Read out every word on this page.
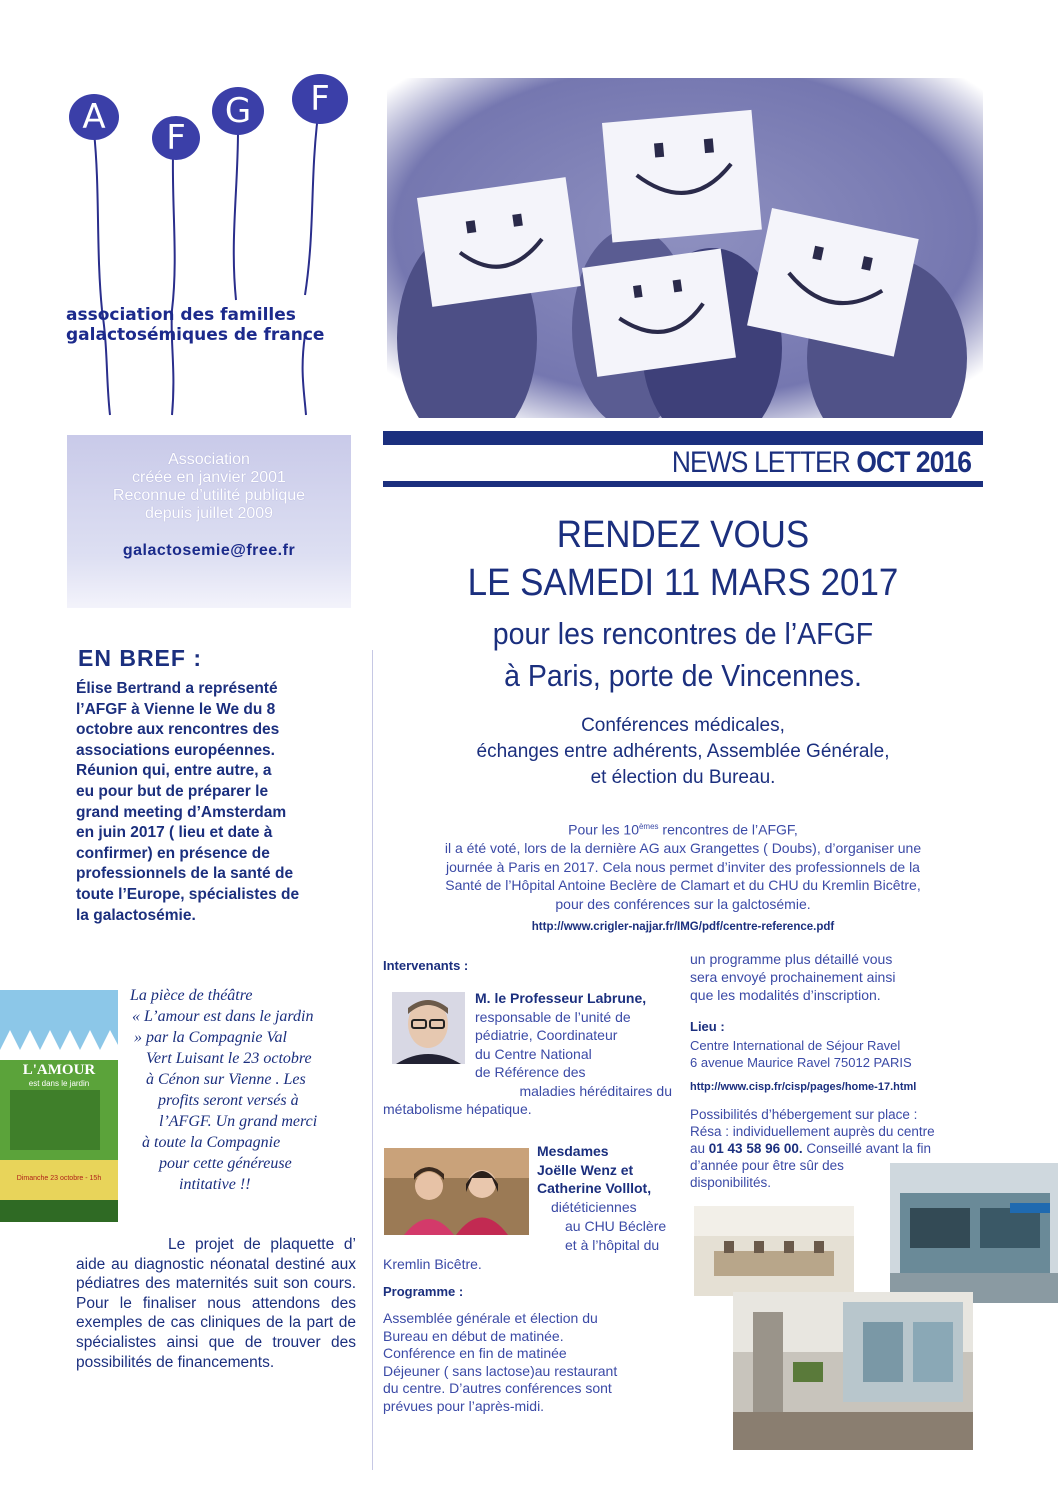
A
F
G	F
association des familles
galactosémiques de france
Association
créée en janvier 2001
Reconnue d’utilité publique
depuis juillet 2009
galactosemie@free.fr
NEWS LETTER OCT 2016
RENDEZ VOUS
LE SAMEDI 11 MARS 2017
pour les rencontres de l’AFGF
à Paris, porte de Vincennes.
Conférences médicales,
échanges entre adhérents, Assemblée Générale,
et élection du Bureau.
Pour les 10èmes rencontres de l’AFGF,
il a été voté, lors de la dernière AG aux Grangettes ( Doubs), d’organiser une
journée à Paris en 2017. Cela nous permet d’inviter des professionnels de la
Santé de l’Hôpital Antoine Beclère de Clamart et du CHU du Kremlin Bicêtre,
pour des conférences sur la galctosémie.
http://www.crigler-najjar.fr/IMG/pdf/centre-reference.pdf
EN BREF :
Élise Bertrand a représenté
l’AFGF à Vienne le We du 8
octobre aux rencontres des
associations européennes.
Réunion qui, entre autre, a
eu pour but de préparer le
grand meeting d’Amsterdam
en juin 2017 ( lieu et date à
confirmer) en présence de
professionnels de la santé de
toute l’Europe, spécialistes de
la galactosémie.
L'AMOUR
est dans le jardin
Dimanche 23 octobre - 15h
La pièce de théâtre
« L’amour est dans le jardin
» par la Compagnie Val
Vert Luisant le 23 octobre
à Cénon sur Vienne . Les
profits seront versés à
l’AFGF. Un grand merci
à toute la Compagnie
pour cette généreuse
intitative !!
Le projet de plaquette d’ aide au diagnostic néonatal destiné aux pédiatres des maternités suit son cours. Pour le finaliser nous attendons des exemples de cas cliniques de la part de spécialistes ainsi que de trouver des possibilités de financements.
Intervenants :
M. le Professeur Labrune,
responsable de l’unité de
pédiatrie, Coordinateur
du Centre National
de Référence des
maladies héréditaires du
métabolisme hépatique.
Mesdames
Joëlle Wenz et
Catherine Volllot,
diététiciennes
au CHU Béclère
et à l’hôpital du
Kremlin Bicêtre.
Programme :
Assemblée générale et élection du
Bureau en début de matinée.
Conférence en fin de matinée
Déjeuner ( sans lactose)au restaurant
du centre. D’autres conférences sont
prévues pour l’après-midi.
un programme plus détaillé vous
sera envoyé prochainement ainsi
que les modalités d’inscription.
Lieu :
Centre International de Séjour Ravel
6 avenue Maurice Ravel 75012 PARIS
http://www.cisp.fr/cisp/pages/home-17.html
Possibilités d’hébergement sur place :
Résa : individuellement auprès du centre
au 01 43 58 96 00. Conseillé avant la fin
d’année pour être sûr des
disponibilités.
